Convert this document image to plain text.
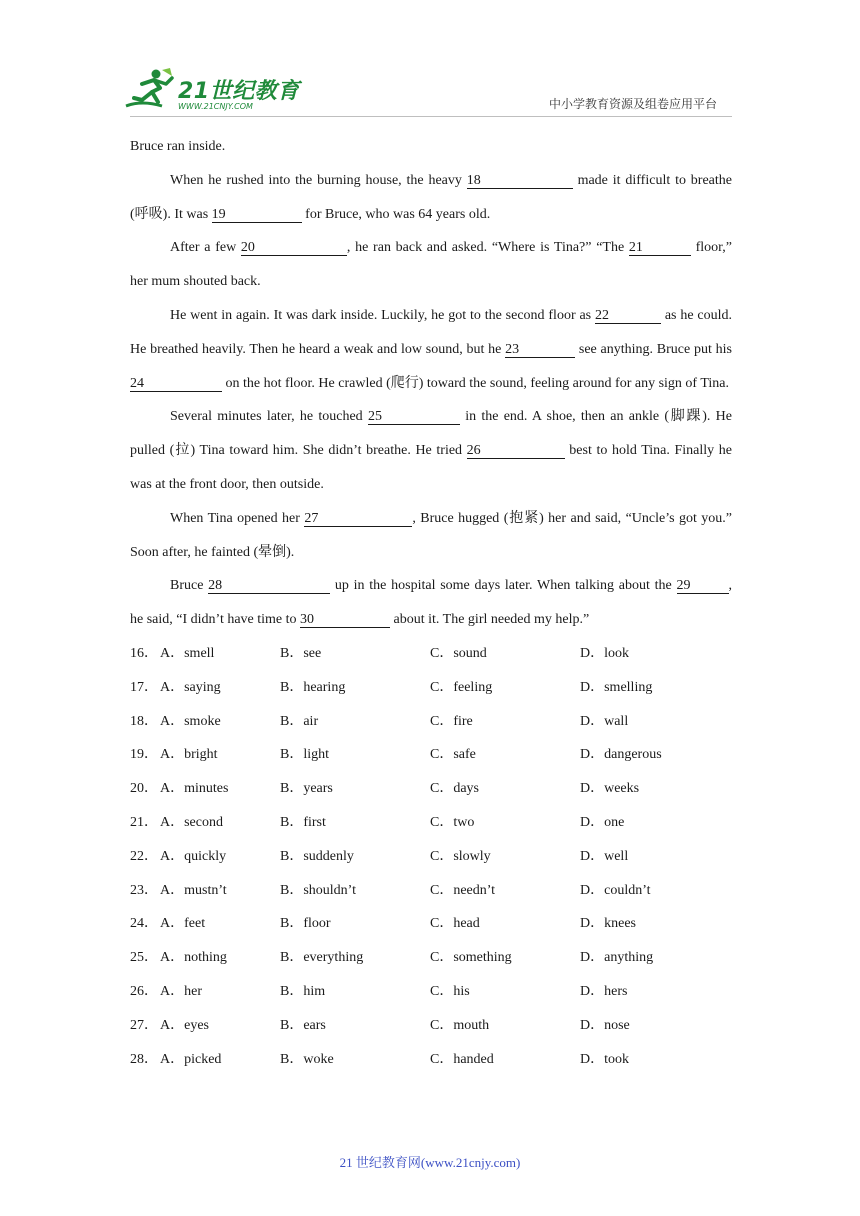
21世纪教育
WWW.21CNJY.COM	中小学教育资源及组卷应用平台

Bruce ran inside.

When he rushed into the burning house, the heavy 18	made it difficult to breathe (呼吸). It was 19	for Bruce, who was 64 years old.

After a few 20	, he ran back and asked. “Where is Tina?” “The 21	floor,” her mum shouted back.

He went in again. It was dark inside. Luckily, he got to the second floor as 22	as he could. He breathed heavily. Then he heard a weak and low sound, but he 23	see anything. Bruce put his 24	on the hot floor. He crawled (爬行) toward the sound, feeling around for any sign of Tina.

Several minutes later, he touched 25	in the end. A shoe, then an ankle (脚踝). He pulled (拉) Tina toward him. She didn’t breathe. He tried 26	best to hold Tina. Finally he was at the front door, then outside.

When Tina opened her 27	, Bruce hugged (抱紧) her and said, “Uncle’s got you.” Soon after, he fainted (晕倒).

Bruce 28	up in the hospital some days later. When talking about the 29	, he said, “I didn’t have time to 30	about it. The girl needed my help.”

16． A．smell	B．see	C．sound	D．look
17． A．saying	B．hearing	C．feeling	D．smelling
18． A．smoke	B．air	C．fire	D．wall
19． A．bright	B．light	C．safe	D．dangerous
20． A．minutes	B．years	C．days	D．weeks
21． A．second	B．first	C．two	D．one
22． A．quickly	B．suddenly	C．slowly	D．well
23． A．mustn’t	B．shouldn’t	C．needn’t	D．couldn’t
24． A．feet	B．floor	C．head	D．knees
25． A．nothing	B．everything	C．something	D．anything
26． A．her	B．him	C．his	D．hers
27． A．eyes	B．ears	C．mouth	D．nose
28． A．picked	B．woke	C．handed	D．took
21 世纪教育网(www.21cnjy.com)
